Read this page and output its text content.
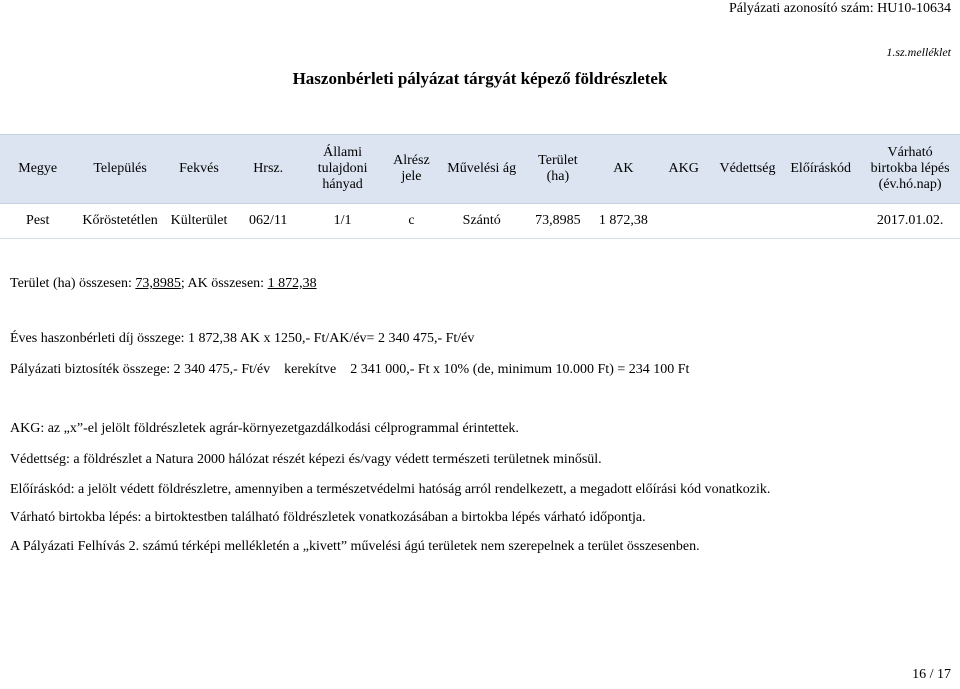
Pályázati azonosító szám: HU10-10634
1.sz.melléklet
Haszonbérleti pályázat tárgyát képező földrészletek
Megye	Település	Fekvés	Hrsz.	Állami tulajdoni hányad	Alrész jele	Művelési ág	Terület (ha)	AK	AKG	Védettség	Előíráskód	Várható birtokba lépés (év.hó.nap)
Pest	Kőröstetétlen	Külterület	062/11	1/1	c	Szántó	73,8985	1 872,38				2017.01.02.
Terület (ha) összesen: 73,8985; AK összesen: 1 872,38
Éves haszonbérleti díj összege: 1 872,38 AK x 1250,- Ft/AK/év= 2 340 475,- Ft/év
Pályázati biztosíték összege: 2 340 475,- Ft/év    kerekítve    2 341 000,- Ft x 10% (de, minimum 10.000 Ft) = 234 100 Ft
AKG: az „x”-el jelölt földrészletek agrár-környezetgazdálkodási célprogrammal érintettek.
Védettség: a földrészlet a Natura 2000 hálózat részét képezi és/vagy védett természeti területnek minősül.
Előíráskód: a jelölt védett földrészletre, amennyiben a természetvédelmi hatóság arról rendelkezett, a megadott előírási kód vonatkozik.
Várható birtokba lépés: a birtoktestben található földrészletek vonatkozásában a birtokba lépés várható időpontja.
A Pályázati Felhívás 2. számú térképi mellékletén a „kivett” művelési ágú területek nem szerepelnek a terület összesenben.
16 / 17
